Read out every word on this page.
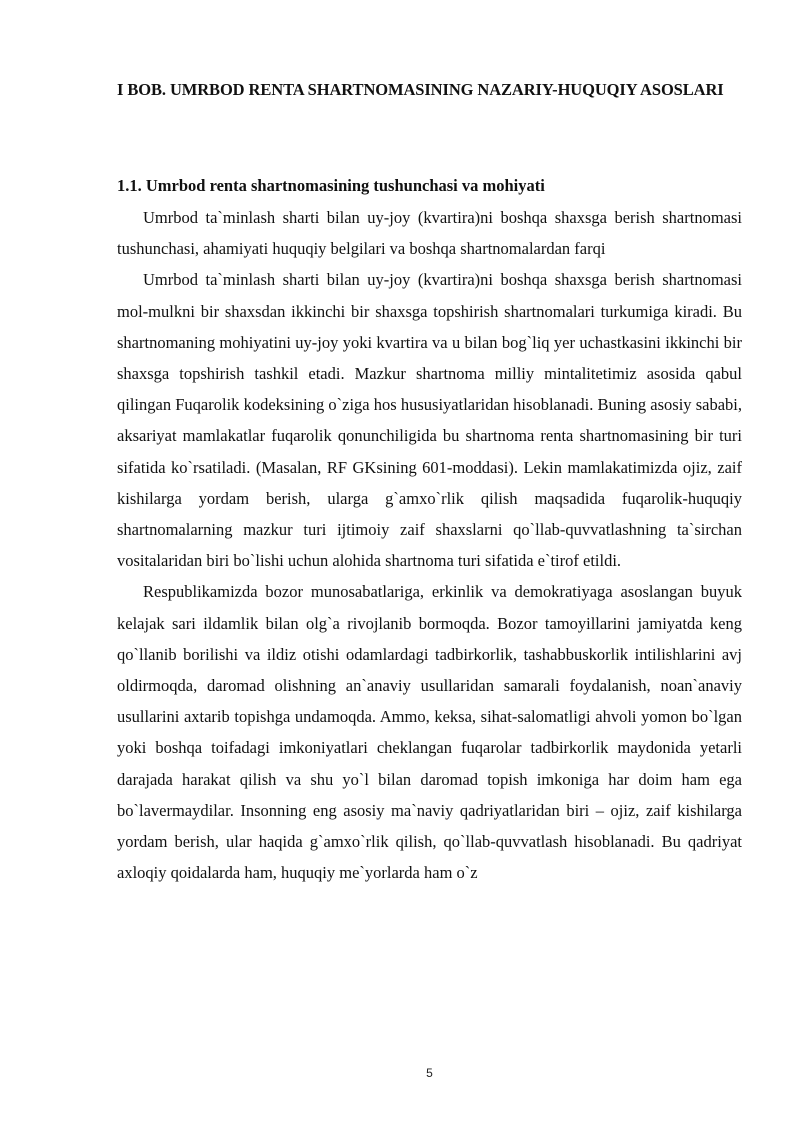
I BOB. UMRBOD RENTA SHARTNOMASINING NAZARIY-HUQUQIY ASOSLARI
1.1. Umrbod renta shartnomasining tushunchasi va mohiyati

Umrbod ta`minlash sharti bilan uy-joy (kvartira)ni boshqa shaxsga berish shartnomasi tushunchasi, ahamiyati huquqiy belgilari va boshqa shartnomalardan farqi

Umrbod ta`minlash sharti bilan uy-joy (kvartira)ni boshqa shaxsga berish shartnomasi mol-mulkni bir shaxsdan ikkinchi bir shaxsga topshirish shartnomalari turkumiga kiradi. Bu shartnomaning mohiyatini uy-joy yoki kvartira va u bilan bog`liq yer uchastkasini ikkinchi bir shaxsga topshirish tashkil etadi. Mazkur shartnoma milliy mintalitetimiz asosida qabul qilingan Fuqarolik kodeksining o`ziga hos hususiyatlaridan hisoblanadi. Buning asosiy sababi, aksariyat mamlakatlar fuqarolik qonunchiligida bu shartnoma renta shartnomasining bir turi sifatida ko`rsatiladi. (Masalan, RF GKsining 601-moddasi). Lekin mamlakatimizda ojiz, zaif kishilarga yordam berish, ularga g`amxo`rlik qilish maqsadida fuqarolik-huquqiy shartnomalarning mazkur turi ijtimoiy zaif shaxslarni qo`llab-quvvatlashning ta`sirchan vositalaridan biri bo`lishi uchun alohida shartnoma turi sifatida e`tirof etildi.

Respublikamizda bozor munosabatlariga, erkinlik va demokratiyaga asoslangan buyuk kelajak sari ildamlik bilan olg`a rivojlanib bormoqda. Bozor tamoyillarini jamiyatda keng qo`llanib borilishi va ildiz otishi odamlardagi tadbirkorlik, tashabbuskorlik intilishlarini avj oldirmoqda, daromad olishning an`anaviy usullaridan samarali foydalanish, noan`anaviy usullarini axtarib topishga undamoqda. Ammo, keksa, sihat-salomatligi ahvoli yomon bo`lgan yoki boshqa toifadagi imkoniyatlari cheklangan fuqarolar tadbirkorlik maydonida yetarli darajada harakat qilish va shu yo`l bilan daromad topish imkoniga har doim ham ega bo`lavermaydilar. Insonning eng asosiy ma`naviy qadriyatlaridan biri – ojiz, zaif kishilarga yordam berish, ular haqida g`amxo`rlik qilish, qo`llab-quvvatlash hisoblanadi. Bu qadriyat axloqiy qoidalarda ham, huquqiy me`yorlarda ham o`z

5
